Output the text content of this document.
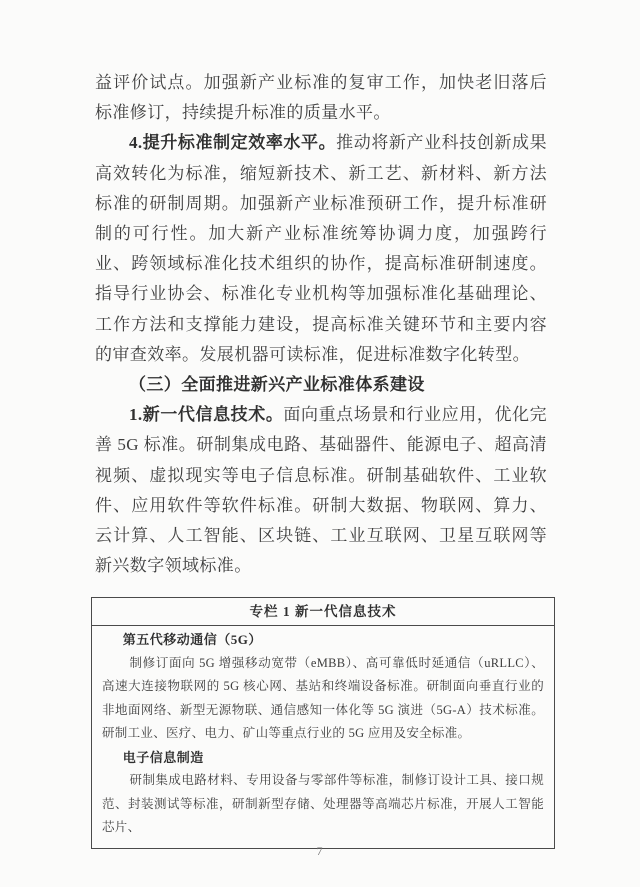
益评价试点。加强新产业标准的复审工作，加快老旧落后标准修订，持续提升标准的质量水平。

4.提升标准制定效率水平。推动将新产业科技创新成果高效转化为标准，缩短新技术、新工艺、新材料、新方法标准的研制周期。加强新产业标准预研工作，提升标准研制的可行性。加大新产业标准统筹协调力度，加强跨行业、跨领域标准化技术组织的协作，提高标准研制速度。指导行业协会、标准化专业机构等加强标准化基础理论、工作方法和支撑能力建设，提高标准关键环节和主要内容的审查效率。发展机器可读标准，促进标准数字化转型。

（三）全面推进新兴产业标准体系建设

1.新一代信息技术。面向重点场景和行业应用，优化完善 5G 标准。研制集成电路、基础器件、能源电子、超高清视频、虚拟现实等电子信息标准。研制基础软件、工业软件、应用软件等软件标准。研制大数据、物联网、算力、云计算、人工智能、区块链、工业互联网、卫星互联网等新兴数字领域标准。

专栏 1 新一代信息技术

第五代移动通信（5G）

制修订面向 5G 增强移动宽带（eMBB）、高可靠低时延通信（uRLLC）、高速大连接物联网的 5G 核心网、基站和终端设备标准。研制面向垂直行业的非地面网络、新型无源物联、通信感知一体化等 5G 演进（5G-A）技术标准。研制工业、医疗、电力、矿山等重点行业的 5G 应用及安全标准。

电子信息制造

研制集成电路材料、专用设备与零部件等标准，制修订设计工具、接口规范、封装测试等标准，研制新型存储、处理器等高端芯片标准，开展人工智能芯片、

7
